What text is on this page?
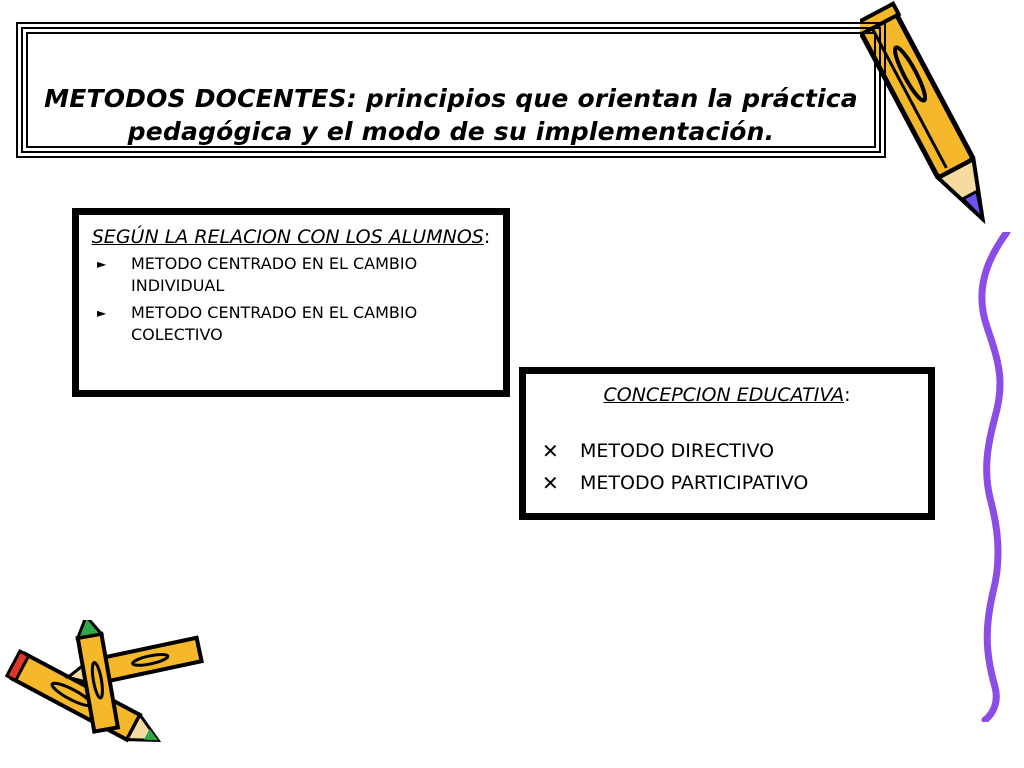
METODOS DOCENTES: principios que orientan la práctica
pedagógica y el modo de su implementación.
SEGÚN LA RELACION CON LOS ALUMNOS:
► METODO CENTRADO EN EL CAMBIO INDIVIDUAL
► METODO CENTRADO EN EL CAMBIO COLECTIVO
CONCEPCION EDUCATIVA:
✕ METODO DIRECTIVO
✕ METODO PARTICIPATIVO
